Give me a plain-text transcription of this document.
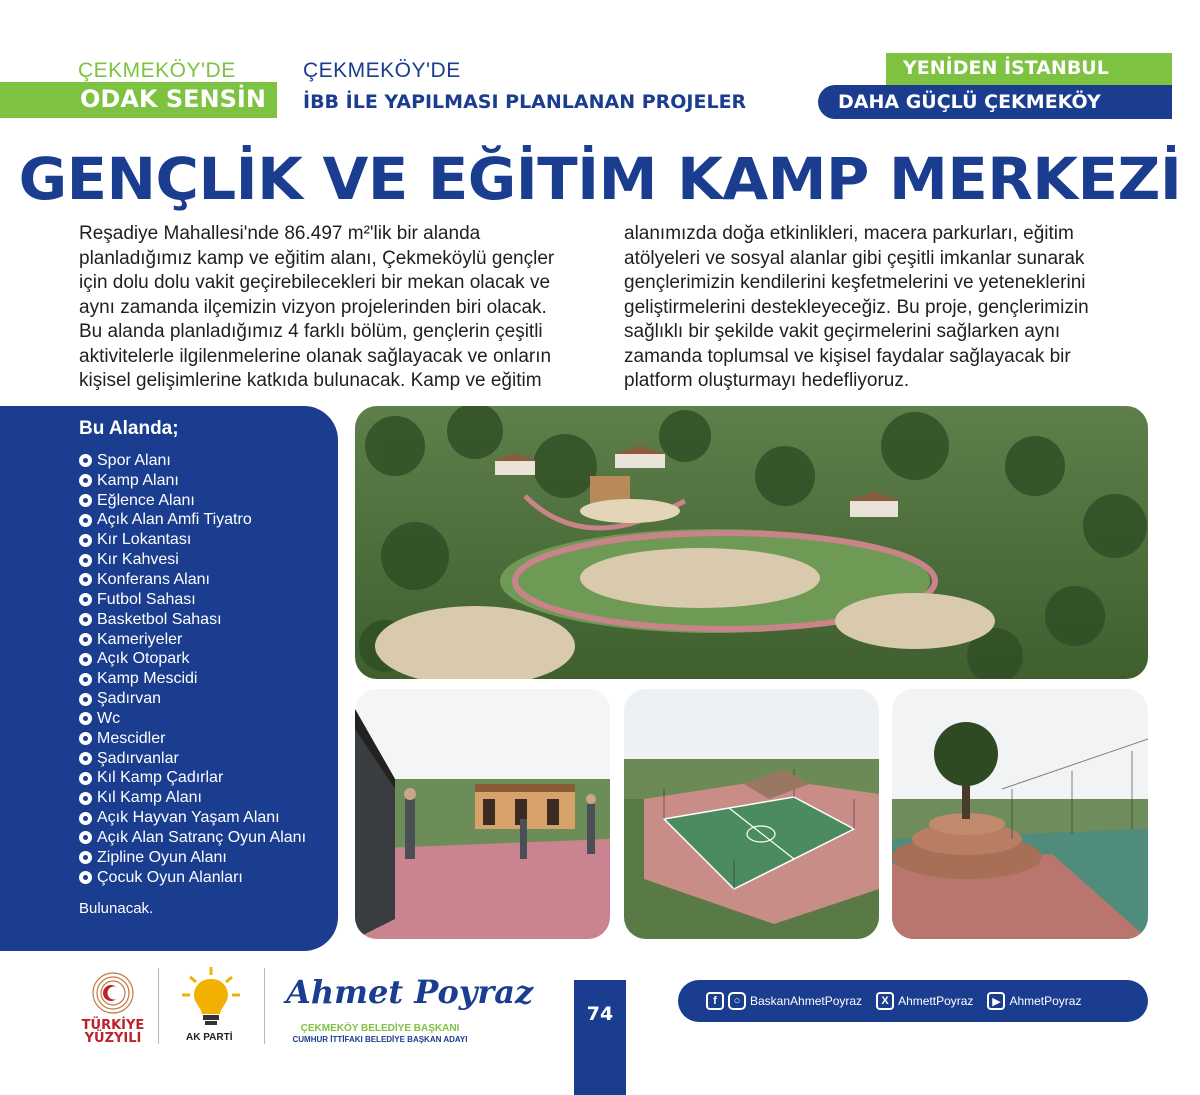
ÇEKMEKÖY'DE
ODAK SENSİN
ÇEKMEKÖY'DE
İBB İLE YAPILMASI PLANLANAN PROJELER
YENİDEN İSTANBUL
DAHA GÜÇLÜ ÇEKMEKÖY
GENÇLİK VE EĞİTİM KAMP MERKEZİ

Reşadiye Mahallesi'nde 86.497 m²'lik bir alanda

planladığımız kamp ve eğitim alanı, Çekmeköylü gençler

için dolu dolu vakit geçirebilecekleri bir mekan olacak ve

aynı zamanda ilçemizin vizyon projelerinden biri olacak.

Bu alanda planladığımız 4 farklı bölüm, gençlerin çeşitli

aktivitelerle ilgilenmelerine olanak sağlayacak ve onların

kişisel gelişimlerine katkıda bulunacak. Kamp ve eğitim

alanımızda doğa etkinlikleri, macera parkurları, eğitim

atölyeleri ve sosyal alanlar gibi çeşitli imkanlar sunarak

gençlerimizin kendilerini keşfetmelerini ve yeteneklerini

geliştirmelerini destekleyeceğiz. Bu proje, gençlerimizin

sağlıklı bir şekilde vakit geçirmelerini sağlarken aynı

zamanda toplumsal ve kişisel faydalar sağlayacak bir

platform oluşturmayı hedefliyoruz.

Bu Alanda;
Spor Alanı
Kamp Alanı
Eğlence Alanı
Açık Alan Amfi Tiyatro
Kır Lokantası
Kır Kahvesi
Konferans Alanı
Futbol Sahası
Basketbol Sahası
Kameriyeler
Açık Otopark
Kamp Mescidi
Şadırvan
Wc
Mescidler
Şadırvanlar
Kıl Kamp Çadırlar
Kıl Kamp Alanı
Açık Hayvan Yaşam Alanı
Açık Alan Satranç Oyun Alanı
Zipline Oyun Alanı
Çocuk Oyun Alanları
Bulunacak.
TÜRKİYE
YÜZYILI	AK PARTİ
Ahmet Poyraz
ÇEKMEKÖY BELEDİYE BAŞKANI
CUMHUR İTTİFAKI BELEDİYE BAŞKAN ADAYI
74
f	○ BaskanAhmetPoyraz	X AhmettPoyraz	▶ AhmetPoyraz
